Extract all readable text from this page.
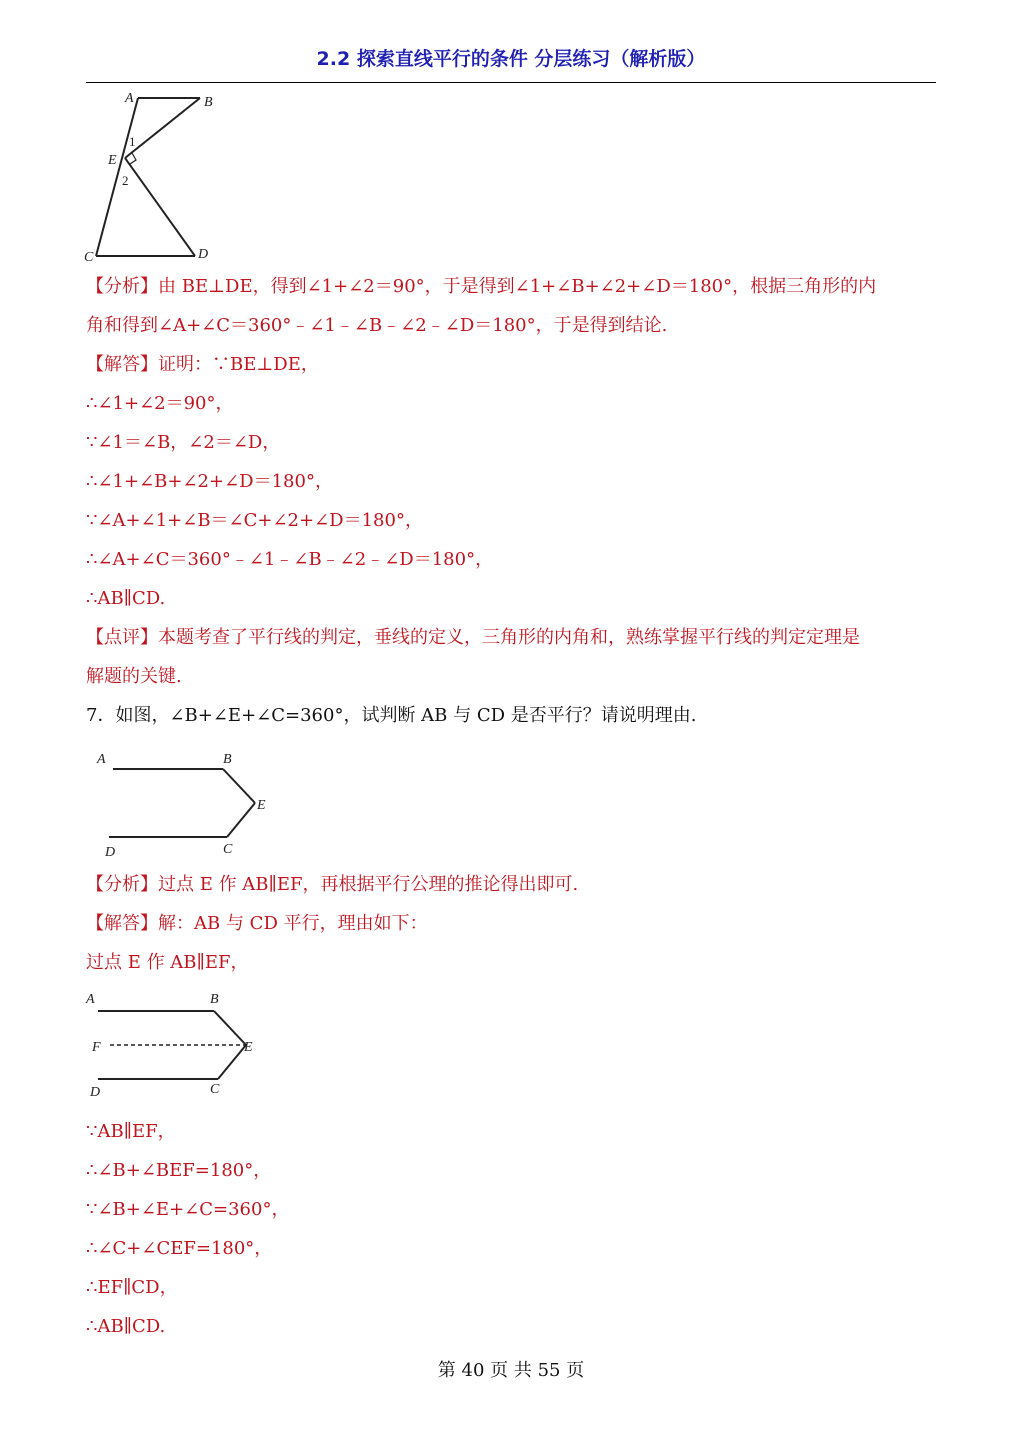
2.2 探索直线平行的条件 分层练习（解析版）
A	B
E
C	D
1
2
【分析】由 BE⊥DE，得到∠1+∠2＝90°，于是得到∠1+∠B+∠2+∠D＝180°，根据三角形的内
角和得到∠A+∠C＝360°﹣∠1﹣∠B﹣∠2﹣∠D＝180°，于是得到结论.
【解答】证明：∵BE⊥DE，
∴∠1+∠2＝90°，
∵∠1＝∠B，∠2＝∠D，
∴∠1+∠B+∠2+∠D＝180°，
∵∠A+∠1+∠B＝∠C+∠2+∠D＝180°，
∴∠A+∠C＝360°﹣∠1﹣∠B﹣∠2﹣∠D＝180°，
∴AB∥CD.
【点评】本题考查了平行线的判定，垂线的定义，三角形的内角和，熟练掌握平行线的判定定理是
解题的关键.
7．如图，∠B+∠E+∠C=360°，试判断 AB 与 CD 是否平行？请说明理由.
A	B
E
D	C
【分析】过点 E 作 AB∥EF，再根据平行公理的推论得出即可.
【解答】解：AB 与 CD 平行，理由如下：
过点 E 作 AB∥EF，
A	B
F	E
D	C
∵AB∥EF，
∴∠B+∠BEF=180°，
∵∠B+∠E+∠C=360°，
∴∠C+∠CEF=180°，
∴EF∥CD，
∴AB∥CD.
第 40 页 共 55 页
